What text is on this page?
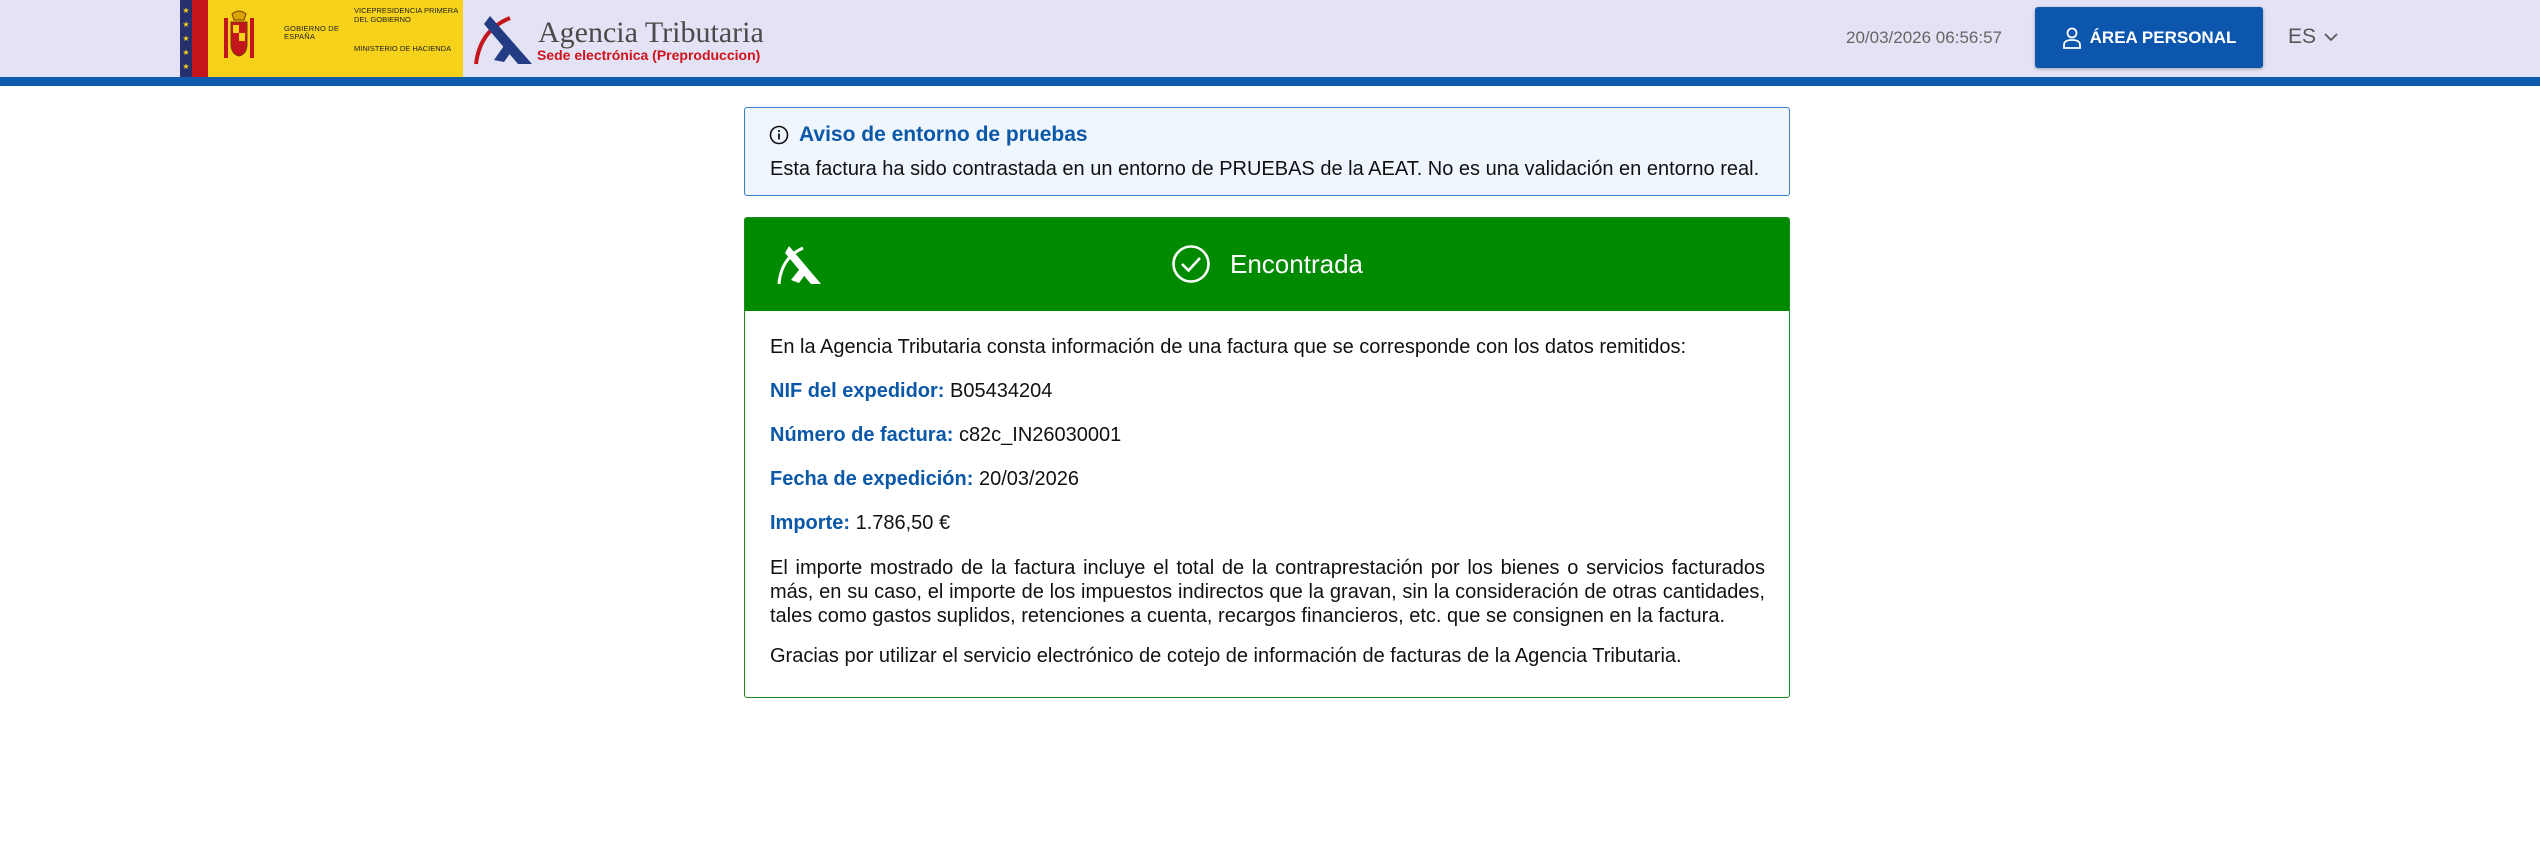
★
★
★
★
★
GOBIERNO DE ESPAÑA
VICEPRESIDENCIA PRIMERA DEL GOBIERNO
MINISTERIO DE HACIENDA	Agencia Tributaria
Sede electrónica (Preproduccion)
20/03/2026 06:56:57	ÁREA PERSONAL ES
Aviso de entorno de pruebas
Esta factura ha sido contrastada en un entorno de PRUEBAS de la AEAT. No es una validación en entorno real.
Encontrada

En la Agencia Tributaria consta información de una factura que se corresponde con los datos remitidos:

NIF del expedidor: B05434204

Número de factura: c82c_IN26030001

Fecha de expedición: 20/03/2026

Importe: 1.786,50 €

El importe mostrado de la factura incluye el total de la contraprestación por los bienes o servicios facturados más, en su caso, el importe de los impuestos indirectos que la gravan, sin la consideración de otras cantidades, tales como gastos suplidos, retenciones a cuenta, recargos financieros, etc. que se consignen en la factura.

Gracias por utilizar el servicio electrónico de cotejo de información de facturas de la Agencia Tributaria.
